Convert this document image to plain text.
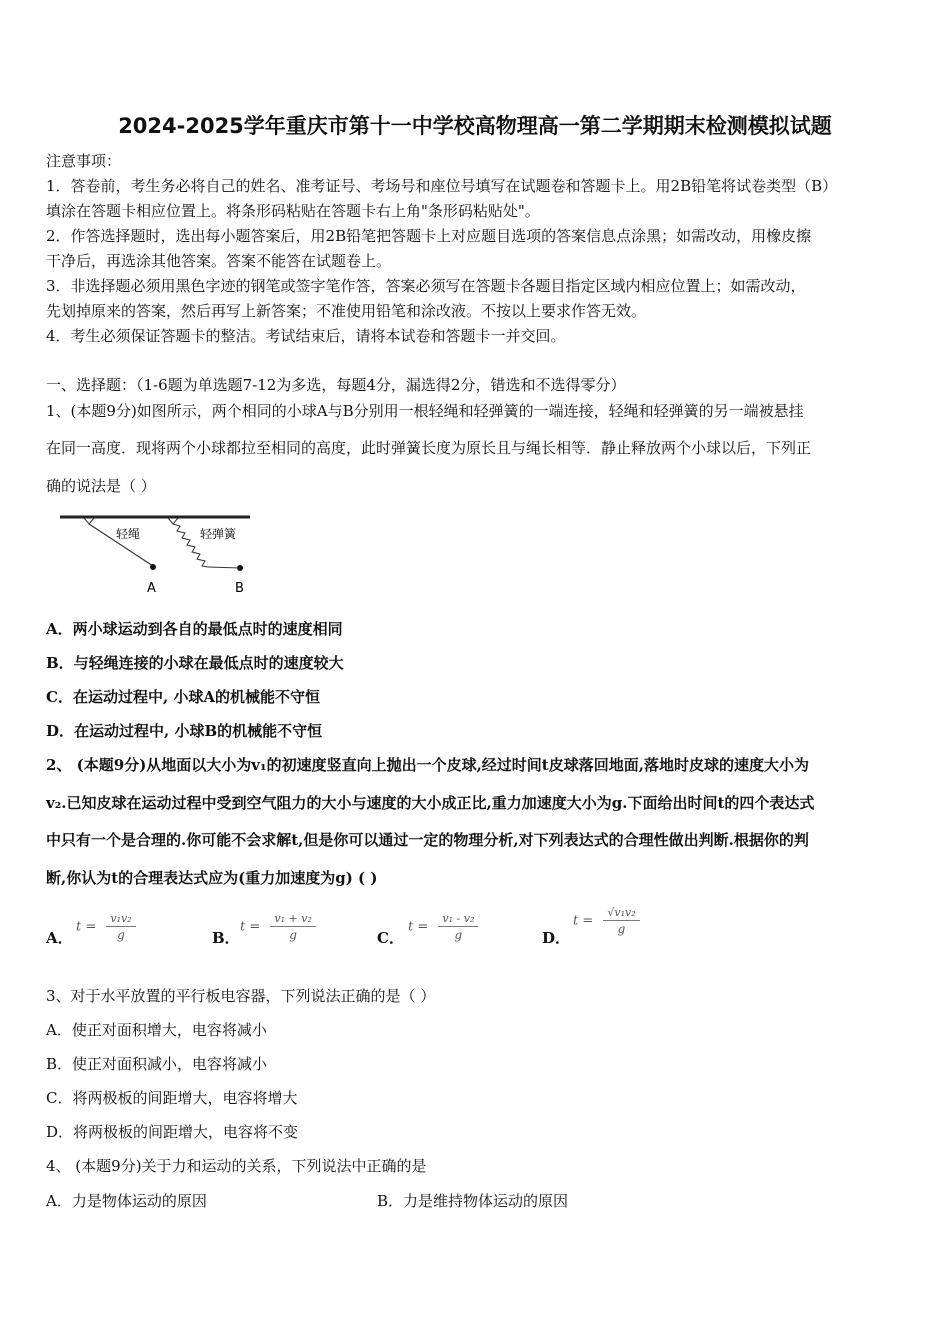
2024-2025学年重庆市第十一中学校高物理高一第二学期期末检测模拟试题
注意事项：
1．答卷前，考生务必将自己的姓名、准考证号、考场号和座位号填写在试题卷和答题卡上。用2B铅笔将试卷类型（B）
填涂在答题卡相应位置上。将条形码粘贴在答题卡右上角"条形码粘贴处"。
2．作答选择题时，选出每小题答案后，用2B铅笔把答题卡上对应题目选项的答案信息点涂黑；如需改动，用橡皮擦
干净后，再选涂其他答案。答案不能答在试题卷上。
3．非选择题必须用黑色字迹的钢笔或签字笔作答，答案必须写在答题卡各题目指定区域内相应位置上；如需改动，
先划掉原来的答案，然后再写上新答案；不准使用铅笔和涂改液。不按以上要求作答无效。
4．考生必须保证答题卡的整洁。考试结束后，请将本试卷和答题卡一并交回。
一、选择题：（1-6题为单选题7-12为多选，每题4分，漏选得2分，错选和不选得零分）
1、(本题9分)如图所示，两个相同的小球A与B分别用一根轻绳和轻弹簧的一端连接，轻绳和轻弹簧的另一端被悬挂
在同一高度．现将两个小球都拉至相同的高度，此时弹簧长度为原长且与绳长相等．静止释放两个小球以后，下列正
确的说法是（ ）
A
轻绳
B
轻弹簧
A．两小球运动到各自的最低点时的速度相同
B．与轻绳连接的小球在最低点时的速度较大
C．在运动过程中, 小球A的机械能不守恒
D．在运动过程中, 小球B的机械能不守恒
2、 (本题9分)从地面以大小为v₁的初速度竖直向上抛出一个皮球,经过时间t皮球落回地面,落地时皮球的速度大小为
v₂.已知皮球在运动过程中受到空气阻力的大小与速度的大小成正比,重力加速度大小为g.下面给出时间t的四个表达式
中只有一个是合理的.你可能不会求解t,但是你可以通过一定的物理分析,对下列表达式的合理性做出判断.根据你的判
断,你认为t的合理表达式应为(重力加速度为g) ( )
A．
$t = \frac{\text{v₁v₂}}{g}$	B．
$t = \frac{\text{v₁ + v₂}}{g}$	C．
$t = \frac{\text{v₁ - v₂}}{g}$	D．
$t = \frac{\text{√v₁v₂}}{g}$
3、对于水平放置的平行板电容器，下列说法正确的是（ ）
A．使正对面积增大，电容将减小
B．使正对面积减小，电容将减小
C．将两极板的间距增大，电容将增大
D．将两极板的间距增大，电容将不变
4、 (本题9分)关于力和运动的关系，下列说法中正确的是
A．力是物体运动的原因	B．力是维持物体运动的原因
